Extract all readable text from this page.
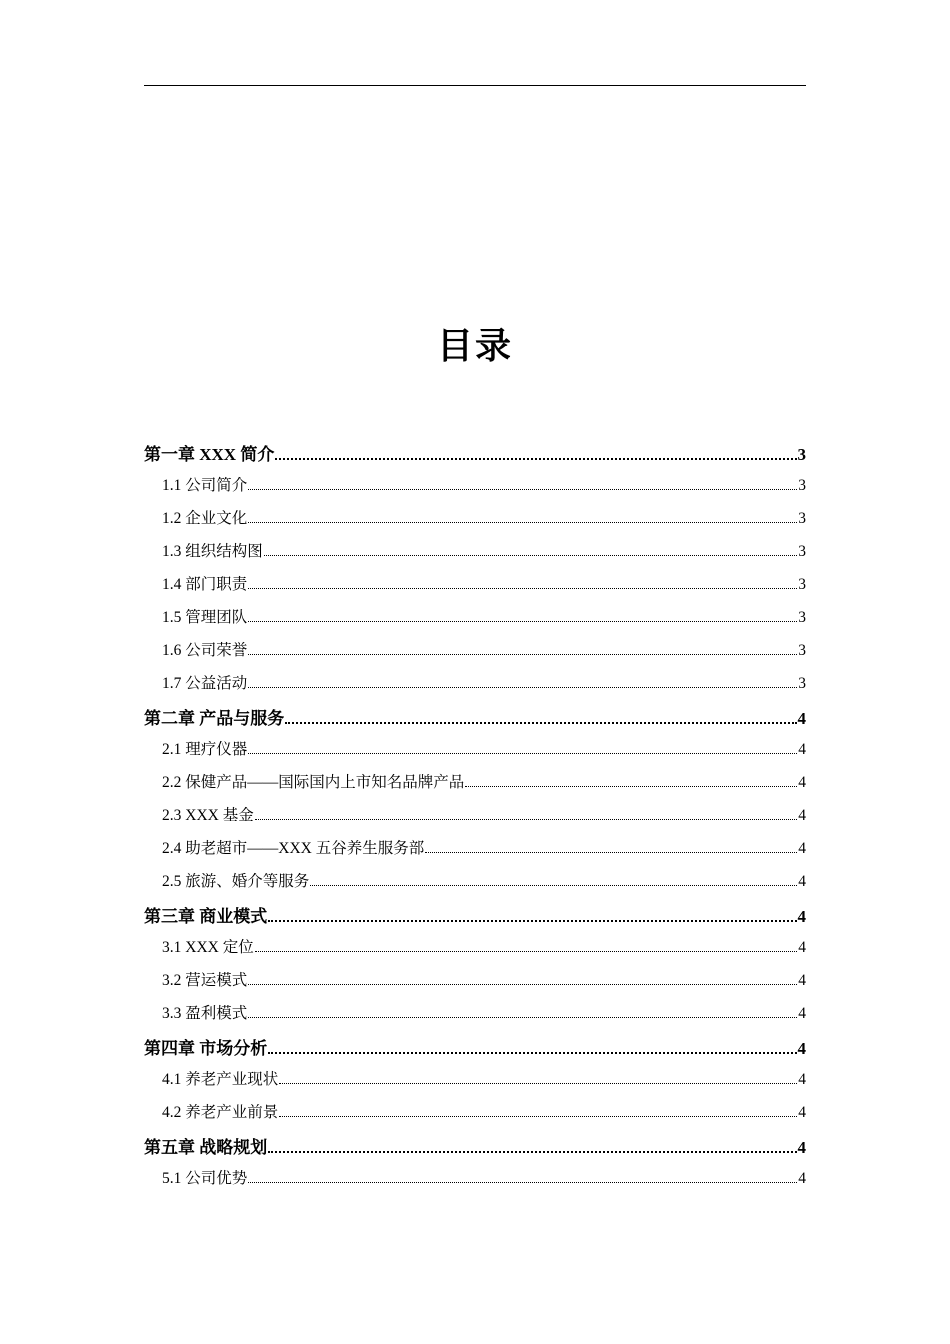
目录
第一章 XXX 简介	3
1.1 公司简介	3
1.2 企业文化	3
1.3 组织结构图	3
1.4 部门职责	3
1.5 管理团队	3
1.6 公司荣誉	3
1.7 公益活动	3
第二章 产品与服务	4
2.1 理疗仪器	4
2.2 保健产品——国际国内上市知名品牌产品	4
2.3 XXX 基金	4
2.4 助老超市——XXX 五谷养生服务部	4
2.5 旅游、婚介等服务	4
第三章 商业模式	4
3.1 XXX 定位	4
3.2 营运模式	4
3.3 盈利模式	4
第四章 市场分析	4
4.1 养老产业现状	4
4.2 养老产业前景	4
第五章 战略规划	4
5.1 公司优势	4
